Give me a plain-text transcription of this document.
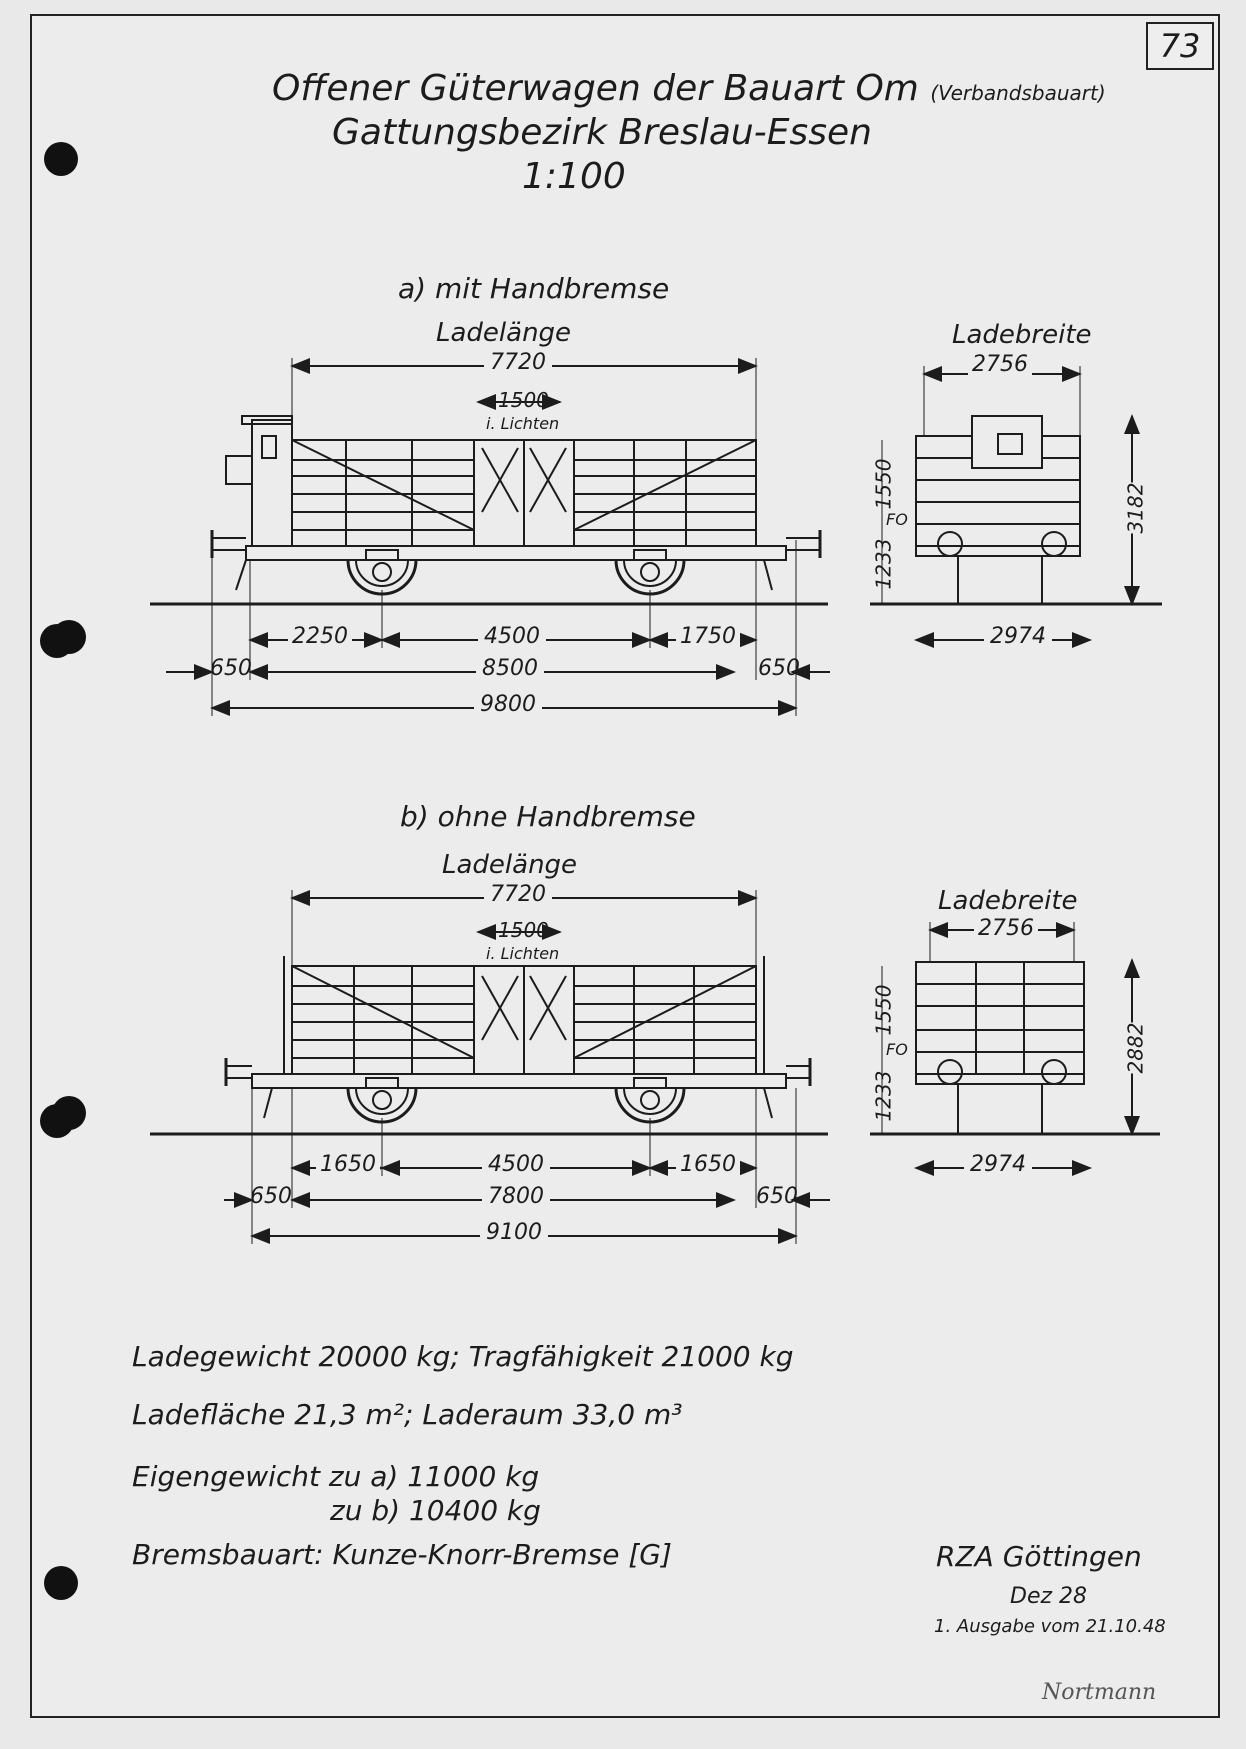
73
Offener Güterwagen der Bauart Om (Verbandsbauart)
Gattungsbezirk Breslau-Essen
1:100
a) mit Handbremse
Ladelänge
7720
1500
i. Lichten
Ladebreite
2756
1550
FO
1233
3182
2250	4500	1750
650	8500	650
9800
2974
b) ohne Handbremse
Ladelänge
7720
1500
i. Lichten
Ladebreite
2756
1550
FO
1233
2882
1650	4500	1650
650	7800	650
9100
2974
Ladegewicht 20000 kg; Tragfähigkeit 21000 kg
Ladefläche 21,3 m²; Laderaum 33,0 m³
Eigengewicht zu a) 11000 kg
zu b) 10400 kg
Bremsbauart: Kunze-Knorr-Bremse [G]	RZA Göttingen
Dez 28
1. Ausgabe vom 21.10.48
Nortmann
